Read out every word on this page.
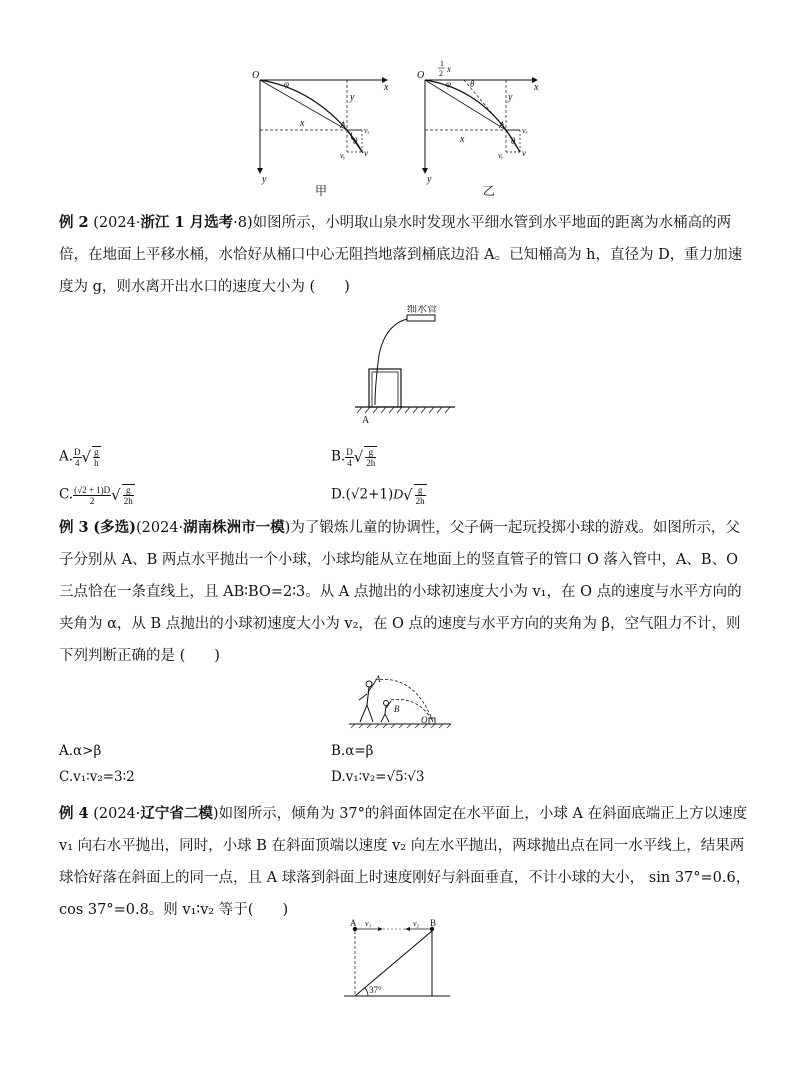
O
x
y
φ
x
y
A
vₓ
vᵧ v
θ
O
1
2 x
φ θ	x
y
x
y
A
vₓ
vᵧ v
θ
甲	乙

例 2 (2024·浙江 1 月选考·8)如图所示，小明取山泉水时发现水平细水管到水平地面的距离为水桶高的两倍，在地面上平移水桶，水恰好从桶口中心无阻挡地落到桶底边沿 A。已知桶高为 h，直径为 D，重力加速度为 g，则水离开出水口的速度大小为 (　　)

细水管
A
A. $\frac{D}{4}$ √ $\frac{g}{h}$	B. $\frac{D}{4}$ √ $\frac{g}{2h}$
C. $\frac{(√2 + 1)D}{2}$ √ $\frac{g}{2h}$	$D.(√2+1)D√ \frac{g}{2h}$

例 3 (多选)(2024·湖南株洲市一模)为了锻炼儿童的协调性，父子俩一起玩投掷小球的游戏。如图所示，父子分别从 A、B 两点水平抛出一个小球，小球均能从立在地面上的竖直管子的管口 O 落入管中，A、B、O 三点恰在一条直线上，且 AB∶BO=2∶3。从 A 点抛出的小球初速度大小为 v₁，在 O 点的速度与水平方向的夹角为 α，从 B 点抛出的小球初速度大小为 v₂，在 O 点的速度与水平方向的夹角为 β，空气阻力不计，则下列判断正确的是 (　　)

A
B
O
A.α>β	B.α=β
C.v₁∶v₂=3∶2	D.v₁∶v₂=√5∶√3

例 4 (2024·辽宁省二模)如图所示，倾角为 37°的斜面体固定在水平面上，小球 A 在斜面底端正上方以速度 v₁ 向右水平抛出，同时，小球 B 在斜面顶端以速度 v₂ 向左水平抛出，两球抛出点在同一水平线上，结果两球恰好落在斜面上的同一点，且 A 球落到斜面上时速度刚好与斜面垂直，不计小球的大小， sin 37°=0.6，cos 37°=0.8。则 v₁∶v₂ 等于(　　)

A	B
v₁	v₂
37°
